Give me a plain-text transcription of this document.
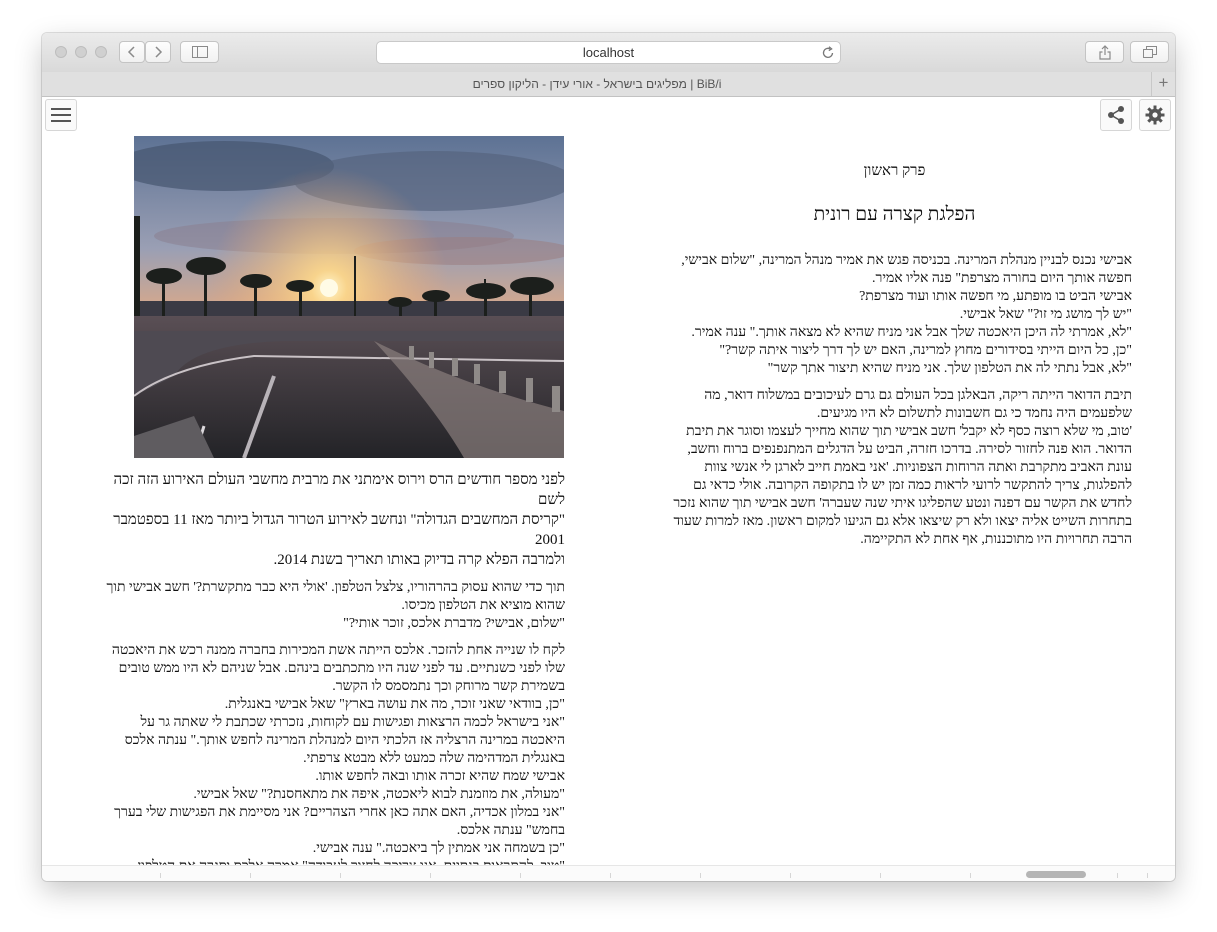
localhost
מפליגים בישראל - אורי עידן - הליקון ספרים | BiB/i	+
פרק ראשון
הפלגת קצרה עם רונית

אבישי נכנס לבניין מנהלת המרינה. בכניסה פגש את אמיר מנהל המרינה, "שלום אבישי,
חפשה אותך היום בחורה מצרפת" פנה אליו אמיר.
אבישי הביט בו מופתע, מי חפשה אותו ועוד מצרפת?
"יש לך מושג מי זו?" שאל אבישי.
"לא, אמרתי לה היכן היאכטה שלך אבל אני מניח שהיא לא מצאה אותך." ענה אמיר.
"כן, כל היום הייתי בסידורים מחוץ למרינה, האם יש לך דרך ליצור איתה קשר?"
"לא, אבל נתתי לה את הטלפון שלך. אני מניח שהיא תיצור אתך קשר"

תיבת הדואר הייתה ריקה, הבאלגן בכל העולם גם גרם לעיכובים במשלוח דואר, מה
שלפעמים היה נחמד כי גם חשבונות לתשלום לא היו מגיעים.
'טוב, מי שלא רוצה כסף לא יקבל' חשב אבישי תוך שהוא מחייך לעצמו וסוגר את תיבת
הדואר. הוא פנה לחזור לסירה. בדרכו חזרה, הביט על הדגלים המתנפנפים ברוח וחשב,
עונת האביב מתקרבת ואתה הרוחות הצפוניות. 'אני באמת חייב לארגן לי אנשי צוות
להפלגות, צריך להתקשר לרועי לראות כמה זמן יש לו בתקופה הקרובה. אולי כדאי גם
לחדש את הקשר עם דפנה ונטע שהפליגו איתי שנה שעברה' חשב אבישי תוך שהוא נזכר
בתחרות השייט אליה יצאו ולא רק שיצאו אלא גם הגיעו למקום ראשון. מאז למרות שעוד
הרבה תחרויות היו מתוכננות, אף אחת לא התקיימה.

לפני מספר חודשים הרס וירוס אימתני את מרבית מחשבי העולם האירוע הזה זכה לשם
"קריסת המחשבים הגדולה" ונחשב לאירוע הטרור הגדול ביותר מאז 11 בספטמבר 2001
ולמרבה הפלא קרה בדיוק באותו תאריך בשנת 2014.

תוך כדי שהוא עסוק בהרהוריו, צלצל הטלפון. 'אולי היא כבר מתקשרת?' חשב אבישי תוך
שהוא מוציא את הטלפון מכיסו.
"שלום, אבישי? מדברת אלכס, זוכר אותי?"

לקח לו שנייה אחת להזכר. אלכס הייתה אשת המכירות בחברה ממנה רכש את היאכטה
שלו לפני כשנתיים. עד לפני שנה היו מתכתבים בינהם. אבל שניהם לא היו ממש טובים
בשמירת קשר מרוחק וכך נתמסמס לו הקשר.
"כן, בוודאי שאני זוכר, מה את עושה בארץ" שאל אבישי באנגלית.
"אני בישראל לכמה הרצאות ופגישות עם לקוחות, נזכרתי שכתבת לי שאתה גר על
היאכטה במרינה הרצליה אז הלכתי היום למנהלת המרינה לחפש אותך." ענתה אלכס
באנגלית המדהימה שלה כמעט ללא מבטא צרפתי.
אבישי שמח שהיא זכרה אותו ובאה לחפש אותו.
"מעולה, את מוזמנת לבוא ליאכטה, איפה את מתאחסנת?" שאל אבישי.
"אני במלון אכדיה, האם אתה כאן אחרי הצהריים? אני מסיימת את הפגישות שלי בערך
בחמש" ענתה אלכס.
"כן בשמחה אני אמתין לך ביאכטה." ענה אבישי.
